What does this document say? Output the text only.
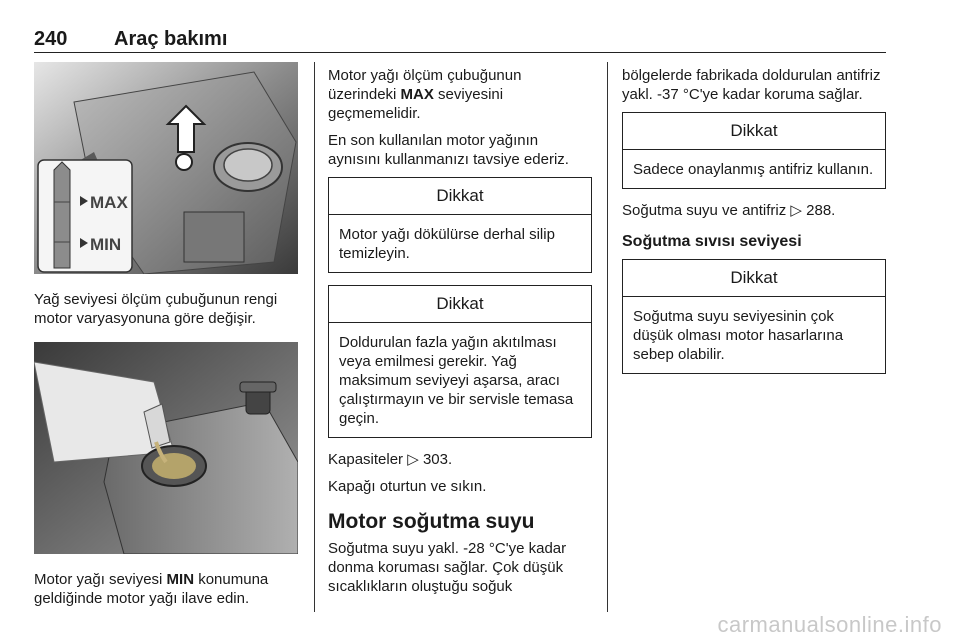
240 Araç bakımı
MAX
MIN

Yağ seviyesi ölçüm çubuğunun rengi motor varyasyonuna göre değişir.

Motor yağı seviyesi MIN konumuna geldiğinde motor yağı ilave edin.

Motor yağı ölçüm çubuğunun üzerindeki MAX seviyesini geçmemelidir.

En son kullanılan motor yağının aynısını kullanmanızı tavsiye ederiz.

Dikkat
Motor yağı dökülürse derhal silip temizleyin.
Dikkat
Doldurulan fazla yağın akıtılması veya emilmesi gerekir. Yağ maksimum seviyeyi aşarsa, aracı çalıştırmayın ve bir servisle temasa geçin.

Kapasiteler ▷ 303.

Kapağı oturtun ve sıkın.

Motor soğutma suyu

Soğutma suyu yakl. -28 °C'ye kadar donma koruması sağlar. Çok düşük sıcaklıkların oluştuğu soğuk

bölgelerde fabrikada doldurulan antifriz yakl. -37 °C'ye kadar koruma sağlar.

Dikkat
Sadece onaylanmış antifriz kullanın.

Soğutma suyu ve antifriz ▷ 288.

Soğutma sıvısı seviyesi
Dikkat
Soğutma suyu seviyesinin çok düşük olması motor hasarlarına sebep olabilir.
carmanualsonline.info
